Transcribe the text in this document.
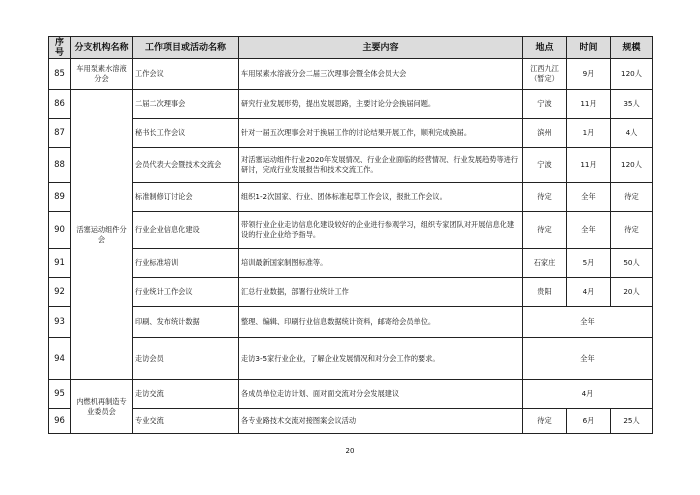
序号	分支机构名称	工作项目或活动名称	主要内容	地点	时间	规模
85	车用泵素水溶液分会	工作会议	车用尿素水溶液分会二届三次理事会暨全体会员大会	江西九江（暂定）	9月	120人
86	活塞运动组件分会	二届二次理事会	研究行业发展形势，提出发展思路，主要讨论分会换届问题。	宁波	11月	35人
87		秘书长工作会议	针对一届五次理事会对于换届工作的讨论结果开展工作，顺利完成换届。	滨州	1月	4人
88		会员代表大会暨技术交流会	对活塞运动组件行业2020年发展情况、行业企业面临的经营情况、行业发展趋势等进行研讨，完成行业发展报告和技术交流工作。	宁波	11月	120人
89		标准制修订讨论会	组织1-2次国家、行业、团体标准起草工作会议，报批工作会议。	待定	全年	待定
90		行业企业信息化建设	带领行业企业走访信息化建设较好的企业进行参观学习，组织专家团队对开展信息化建设的行业企业给予指导。	待定	全年	待定
91		行业标准培训	培训最新国家制图标准等。	石家庄	5月	50人
92		行业统计工作会议	汇总行业数据，部署行业统计工作	贵阳	4月	20人
93		印刷、发布统计数据	整理、编辑、印刷行业信息数据统计资料，邮寄给会员单位。	全年		
94		走访会员	走访3-5家行业企业，了解企业发展情况和对分会工作的要求。	全年		
95	内燃机再制造专业委员会	走访交流	各成员单位走访计划、面对面交流对分会发展建议	4月		
96		专业交流	各专业路技术交流对接图案会议活动	待定	6月	25人
20
